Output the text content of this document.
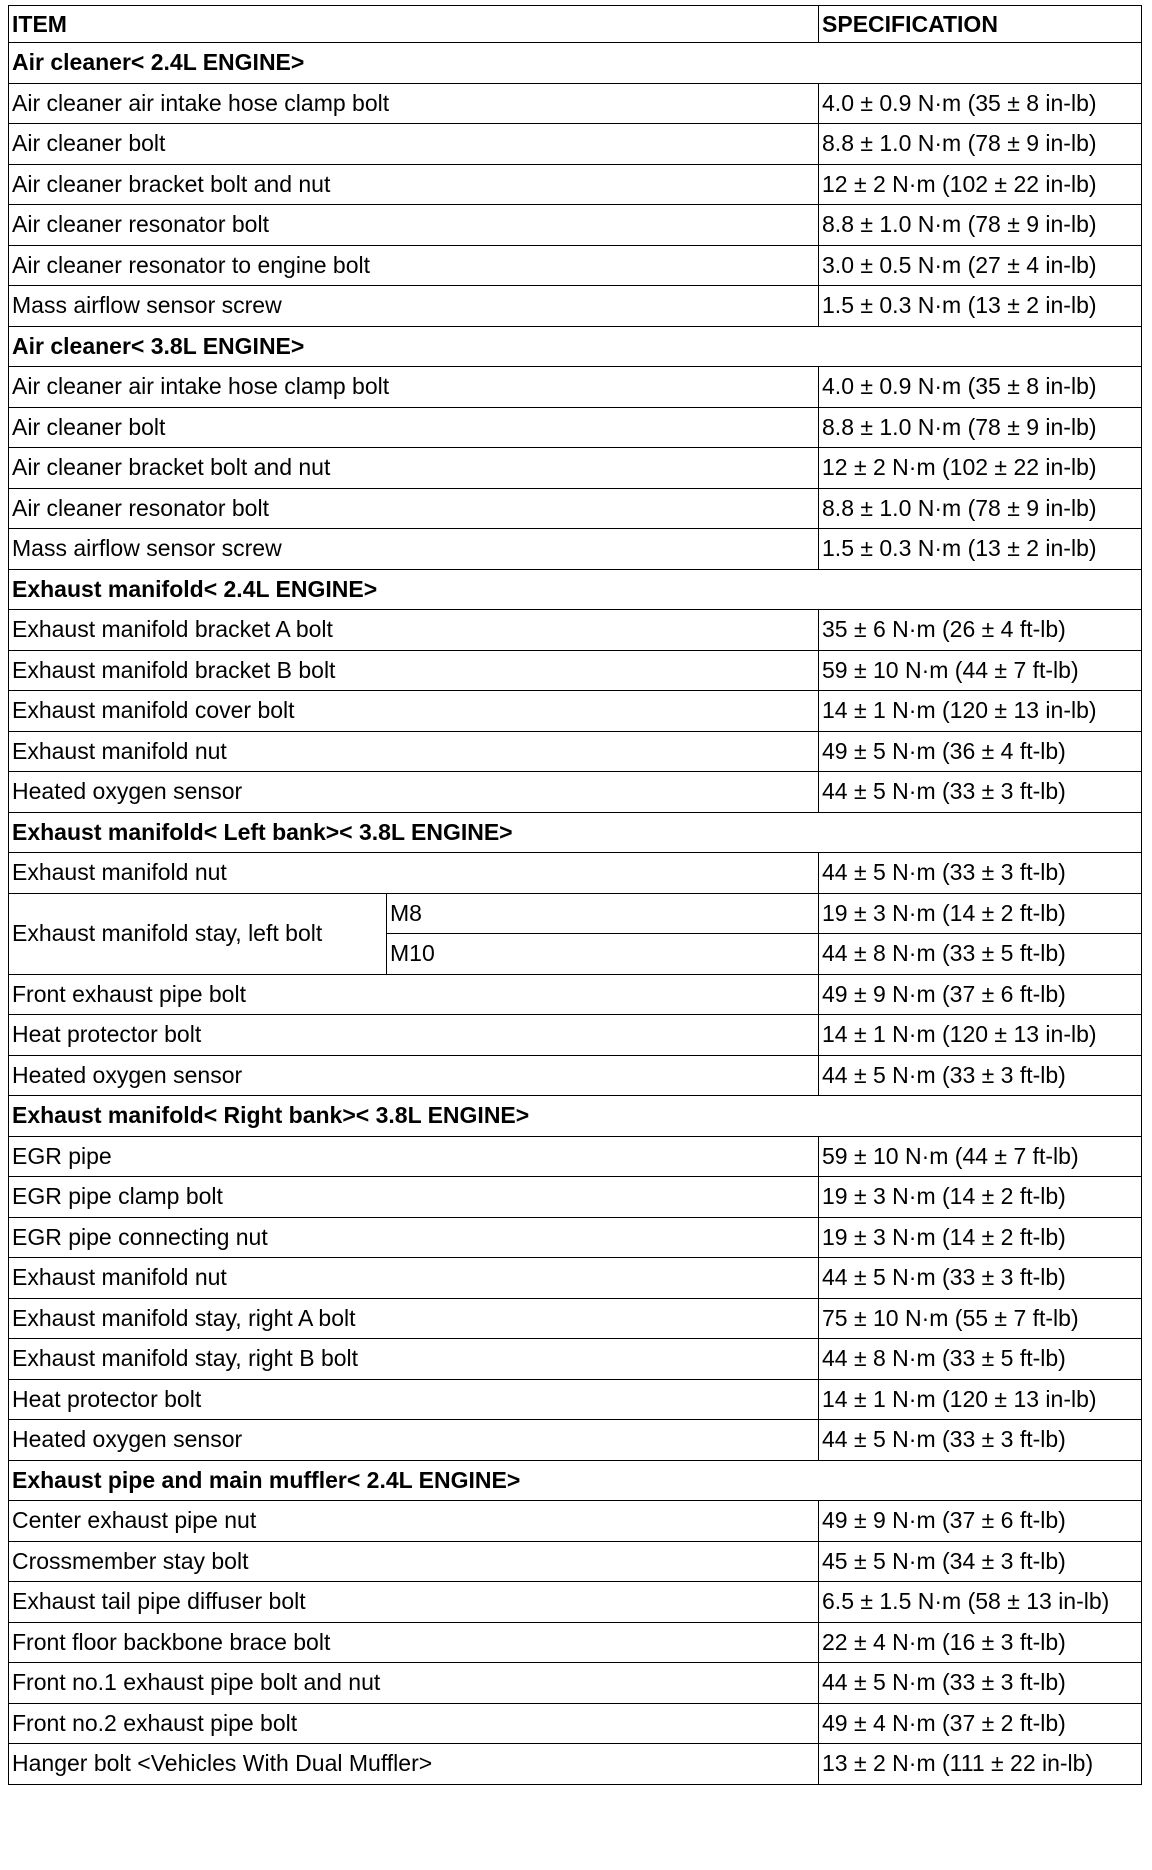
ITEM		SPECIFICATION
Air cleaner< 2.4L ENGINE>		
Air cleaner air intake hose clamp bolt		4.0 ± 0.9 N·m (35 ± 8 in-lb)
Air cleaner bolt		8.8 ± 1.0 N·m (78 ± 9 in-lb)
Air cleaner bracket bolt and nut		12 ± 2 N·m (102 ± 22 in-lb)
Air cleaner resonator bolt		8.8 ± 1.0 N·m (78 ± 9 in-lb)
Air cleaner resonator to engine bolt		3.0 ± 0.5 N·m (27 ± 4 in-lb)
Mass airflow sensor screw		1.5 ± 0.3 N·m (13 ± 2 in-lb)
Air cleaner< 3.8L ENGINE>		
Air cleaner air intake hose clamp bolt		4.0 ± 0.9 N·m (35 ± 8 in-lb)
Air cleaner bolt		8.8 ± 1.0 N·m (78 ± 9 in-lb)
Air cleaner bracket bolt and nut		12 ± 2 N·m (102 ± 22 in-lb)
Air cleaner resonator bolt		8.8 ± 1.0 N·m (78 ± 9 in-lb)
Mass airflow sensor screw		1.5 ± 0.3 N·m (13 ± 2 in-lb)
Exhaust manifold< 2.4L ENGINE>		
Exhaust manifold bracket A bolt		35 ± 6 N·m (26 ± 4 ft-lb)
Exhaust manifold bracket B bolt		59 ± 10 N·m (44 ± 7 ft-lb)
Exhaust manifold cover bolt		14 ± 1 N·m (120 ± 13 in-lb)
Exhaust manifold nut		49 ± 5 N·m (36 ± 4 ft-lb)
Heated oxygen sensor		44 ± 5 N·m (33 ± 3 ft-lb)
Exhaust manifold< Left bank>< 3.8L ENGINE>		
Exhaust manifold nut		44 ± 5 N·m (33 ± 3 ft-lb)
Exhaust manifold stay, left bolt	M8	19 ± 3 N·m (14 ± 2 ft-lb)
	M10	44 ± 8 N·m (33 ± 5 ft-lb)
Front exhaust pipe bolt		49 ± 9 N·m (37 ± 6 ft-lb)
Heat protector bolt		14 ± 1 N·m (120 ± 13 in-lb)
Heated oxygen sensor		44 ± 5 N·m (33 ± 3 ft-lb)
Exhaust manifold< Right bank>< 3.8L ENGINE>		
EGR pipe		59 ± 10 N·m (44 ± 7 ft-lb)
EGR pipe clamp bolt		19 ± 3 N·m (14 ± 2 ft-lb)
EGR pipe connecting nut		19 ± 3 N·m (14 ± 2 ft-lb)
Exhaust manifold nut		44 ± 5 N·m (33 ± 3 ft-lb)
Exhaust manifold stay, right A bolt		75 ± 10 N·m (55 ± 7 ft-lb)
Exhaust manifold stay, right B bolt		44 ± 8 N·m (33 ± 5 ft-lb)
Heat protector bolt		14 ± 1 N·m (120 ± 13 in-lb)
Heated oxygen sensor		44 ± 5 N·m (33 ± 3 ft-lb)
Exhaust pipe and main muffler< 2.4L ENGINE>		
Center exhaust pipe nut		49 ± 9 N·m (37 ± 6 ft-lb)
Crossmember stay bolt		45 ± 5 N·m (34 ± 3 ft-lb)
Exhaust tail pipe diffuser bolt		6.5 ± 1.5 N·m (58 ± 13 in-lb)
Front floor backbone brace bolt		22 ± 4 N·m (16 ± 3 ft-lb)
Front no.1 exhaust pipe bolt and nut		44 ± 5 N·m (33 ± 3 ft-lb)
Front no.2 exhaust pipe bolt		49 ± 4 N·m (37 ± 2 ft-lb)
Hanger bolt <Vehicles With Dual Muffler>		13 ± 2 N·m (111 ± 22 in-lb)
